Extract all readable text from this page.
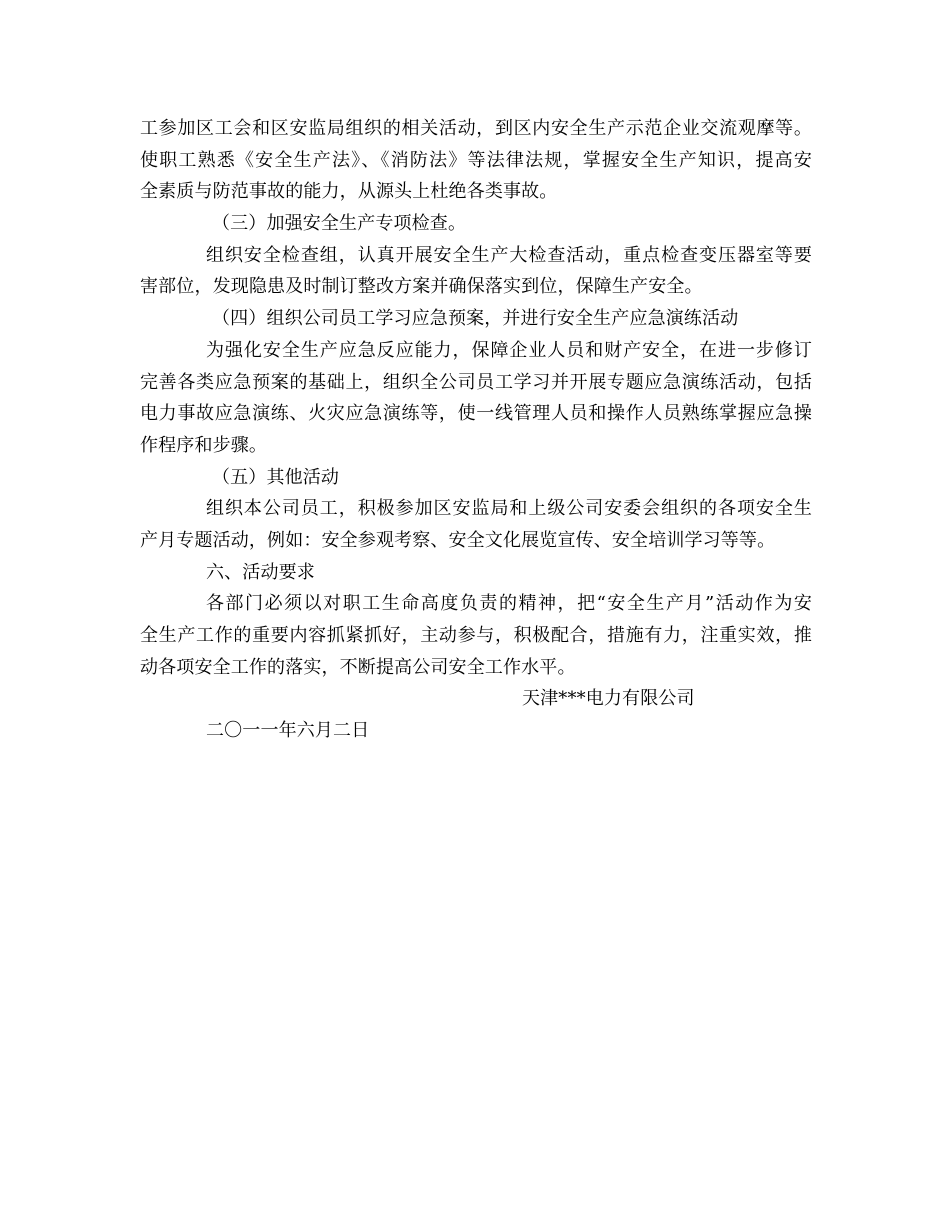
工参加区工会和区安监局组织的相关活动，到区内安全生产示范企业交流观摩等。
使职工熟悉《安全生产法》、《消防法》等法律法规，掌握安全生产知识，提高安
全素质与防范事故的能力，从源头上杜绝各类事故。
（三）加强安全生产专项检查。
组织安全检查组，认真开展安全生产大检查活动，重点检查变压器室等要
害部位，发现隐患及时制订整改方案并确保落实到位，保障生产安全。
（四）组织公司员工学习应急预案，并进行安全生产应急演练活动
为强化安全生产应急反应能力，保障企业人员和财产安全，在进一步修订
完善各类应急预案的基础上，组织全公司员工学习并开展专题应急演练活动，包括
电力事故应急演练、火灾应急演练等，使一线管理人员和操作人员熟练掌握应急操
作程序和步骤。
（五）其他活动
组织本公司员工，积极参加区安监局和上级公司安委会组织的各项安全生
产月专题活动，例如：安全参观考察、安全文化展览宣传、安全培训学习等等。
六、活动要求
各部门必须以对职工生命高度负责的精神，把“安全生产月”活动作为安
全生产工作的重要内容抓紧抓好，主动参与，积极配合，措施有力，注重实效，推
动各项安全工作的落实，不断提高公司安全工作水平。
天津***电力有限公司
二〇一一年六月二日
